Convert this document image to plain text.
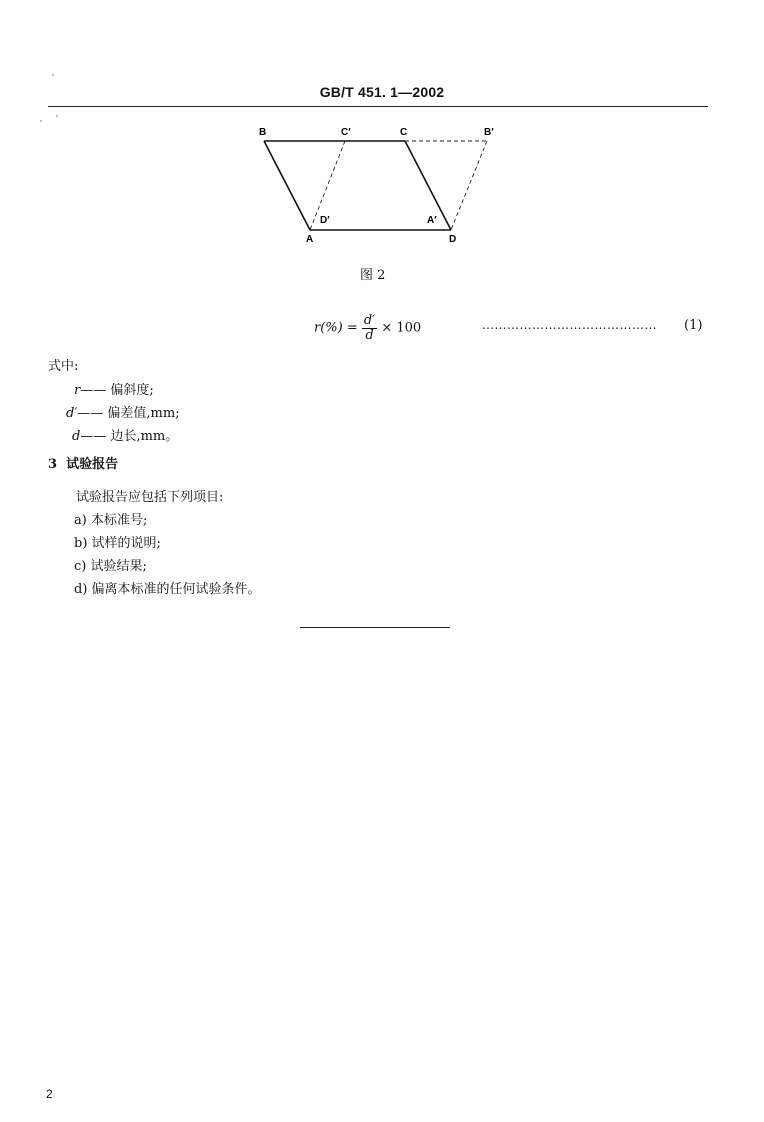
GB/T 451. 1—2002
B	C′	C	B′
D′	A′
A	D
图 2
$r(\%) = \frac{d'}{d} \times 100$	…………………………………… (1)
式中:
r—— 偏斜度;
d′—— 偏差值,mm;
d—— 边长,mm。
3  试验报告
试验报告应包括下列项目:
a) 本标准号;
b) 试样的说明;
c) 试验结果;
d) 偏离本标准的任何试验条件。
2
